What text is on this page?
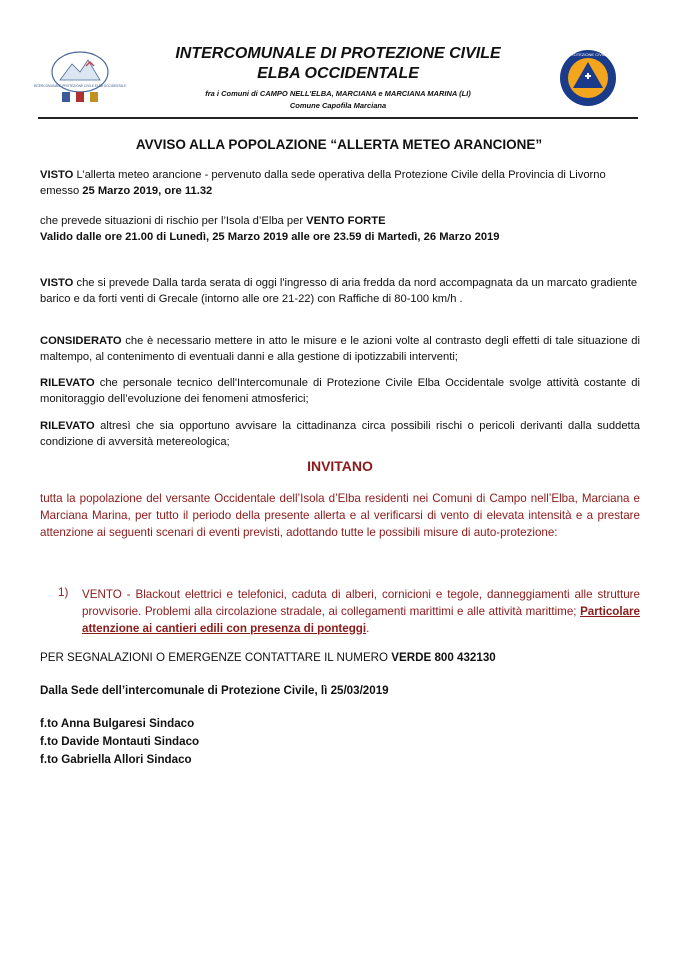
INTERCOMUNALE PROTEZIONE CIVILE ELBA OCCIDENTALE
INTERCOMUNALE DI PROTEZIONE CIVILE
ELBA OCCIDENTALE
fra i Comuni di CAMPO NELL'ELBA, MARCIANA e MARCIANA MARINA (LI)
Comune Capofila Marciana
PROTEZIONE CIVILE
AVVISO ALLA POPOLAZIONE “ALLERTA METEO ARANCIONE”
VISTO L’allerta meteo arancione - pervenuto dalla sede operativa della Protezione Civile della Provincia di Livorno emesso 25 Marzo 2019, ore 11.32
che prevede situazioni di rischio per l’Isola d’Elba per VENTO FORTE
Valido dalle ore 21.00 di Lunedì, 25 Marzo 2019 alle ore 23.59 di Martedì, 26 Marzo 2019
VISTO che si prevede Dalla tarda serata di oggi l'ingresso di aria fredda da nord accompagnata da un marcato gradiente barico e da forti venti di Grecale (intorno alle ore 21-22) con Raffiche di 80-100 km/h .
CONSIDERATO che è necessario mettere in atto le misure e le azioni volte al contrasto degli effetti di tale situazione di maltempo, al contenimento di eventuali danni e alla gestione di ipotizzabili interventi;
RILEVATO che personale tecnico dell'Intercomunale di Protezione Civile Elba Occidentale svolge attività costante di monitoraggio dell’evoluzione dei fenomeni atmosferici;
RILEVATO altresì che sia opportuno avvisare la cittadinanza circa possibili rischi o pericoli derivanti dalla suddetta condizione di avversità metereologica;
INVITANO
tutta la popolazione del versante Occidentale dell’Isola d’Elba residenti nei Comuni di Campo nell’Elba, Marciana e Marciana Marina, per tutto il periodo della presente allerta e al verificarsi di vento di elevata intensità e a prestare attenzione ai seguenti scenari di eventi previsti, adottando tutte le possibili misure di auto-protezione:
1) VENTO - Blackout elettrici e telefonici, caduta di alberi, cornicioni e tegole, danneggiamenti alle strutture provvisorie. Problemi alla circolazione stradale, ai collegamenti marittimi e alle attività marittime; Particolare attenzione ai cantieri edili con presenza di ponteggi.
PER SEGNALAZIONI O EMERGENZE CONTATTARE IL NUMERO VERDE 800 432130
Dalla Sede dell’intercomunale di Protezione Civile, lì 25/03/2019
f.to Anna Bulgaresi Sindaco
f.to Davide Montauti Sindaco
f.to Gabriella Allori Sindaco
